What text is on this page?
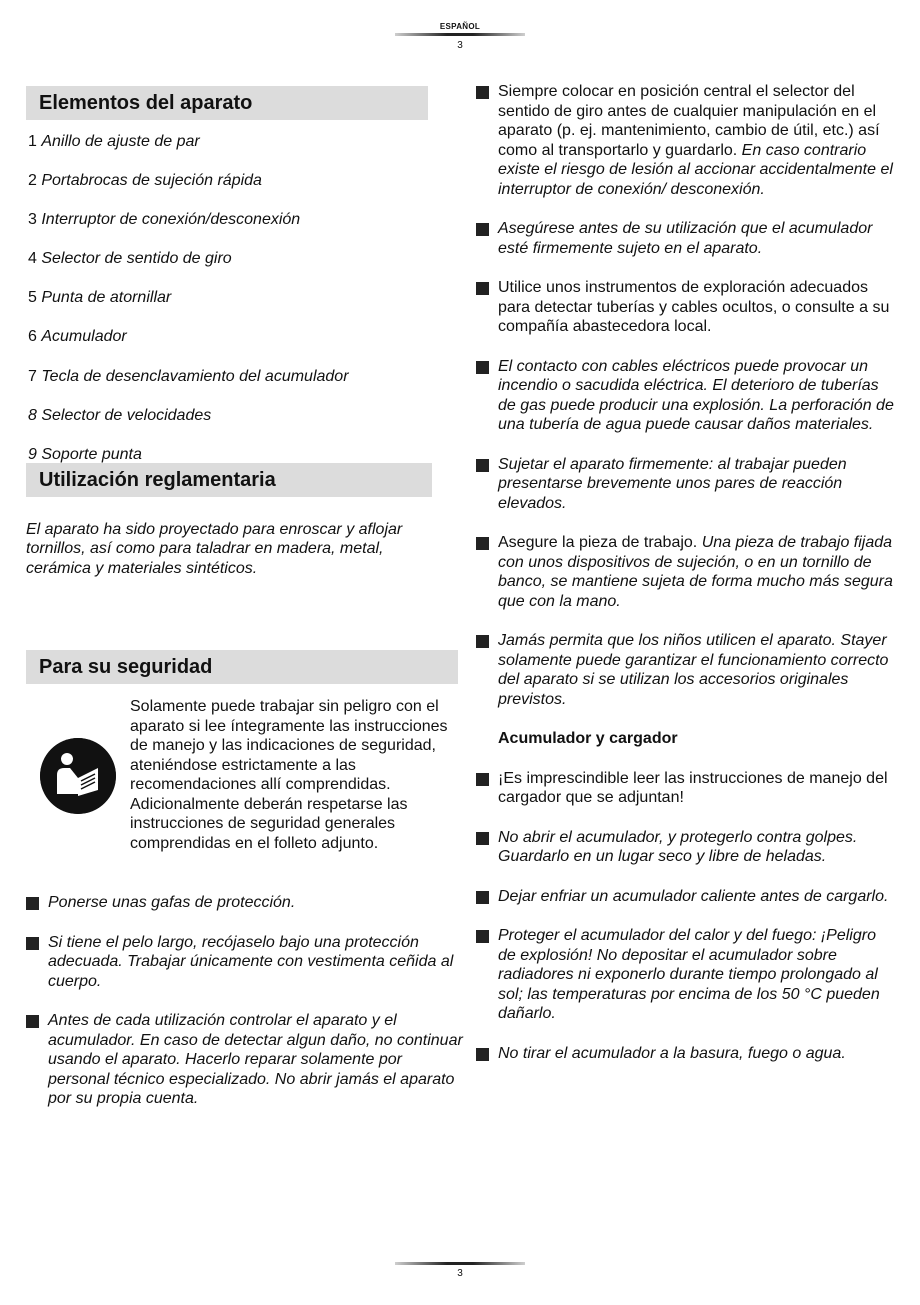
ESPAÑOL
3
Elementos del aparato
1 Anillo de ajuste de par
2 Portabrocas de sujeción rápida
3 Interruptor de conexión/desconexión
4 Selector de sentido de giro
5 Punta de atornillar
6 Acumulador
7 Tecla de desenclavamiento del acumulador
8 Selector de velocidades
9 Soporte punta
Utilización reglamentaria

El aparato ha sido proyectado para enroscar y aflojar tornillos, así como para taladrar en madera, metal, cerámica y materiales sintéticos.

Para su seguridad

Solamente puede trabajar sin peligro con el aparato si lee íntegramente las instrucciones de manejo y las indicaciones de seguridad, ateniéndose estrictamente a las recomendaciones allí comprendidas. Adicionalmente deberán respetarse las instrucciones de seguridad generales comprendidas en el folleto adjunto.

Ponerse unas gafas de protección.
Si tiene el pelo largo, recójaselo bajo una protección adecuada. Trabajar únicamente con vestimenta ceñida al cuerpo.
Antes de cada utilización controlar el aparato y el acumulador. En caso de detectar algun daño, no continuar usando el aparato. Hacerlo reparar solamente por personal técnico especializado. No abrir jamás el aparato por su propia cuenta.
Siempre colocar en posición central el selector del sentido de giro antes de cualquier manipulación en el aparato (p. ej. mantenimiento, cambio de útil, etc.) así como al transportarlo y guardarlo. En caso contrario existe el riesgo de lesión al accionar accidentalmente el interruptor de conexión/ desconexión.
Asegúrese antes de su utilización que el acumulador esté firmemente sujeto en el aparato.
Utilice unos instrumentos de exploración adecuados para detectar tuberías y cables ocultos, o consulte a su compañía abastecedora local.
El contacto con cables eléctricos puede provocar un incendio o sacudida eléctrica. El deterioro de tuberías de gas puede producir una explosión. La perforación de una tubería de agua puede causar daños materiales.
Sujetar el aparato firmemente: al trabajar pueden presentarse brevemente unos pares de reacción elevados.
Asegure la pieza de trabajo. Una pieza de trabajo fijada con unos dispositivos de sujeción, o en un tornillo de banco, se mantiene sujeta de forma mucho más segura que con la mano.
Jamás permita que los niños utilicen el aparato. Stayer solamente puede garantizar el funcionamiento correcto del aparato si se utilizan los accesorios originales previstos.

Acumulador y cargador

¡Es imprescindible leer las instrucciones de manejo del cargador que se adjuntan!
No abrir el acumulador, y protegerlo contra golpes. Guardarlo en un lugar seco y libre de heladas.
Dejar enfriar un acumulador caliente antes de cargarlo.
Proteger el acumulador del calor y del fuego: ¡Peligro de explosión! No depositar el acumulador sobre radiadores ni exponerlo durante tiempo prolongado al sol; las temperaturas por encima de los 50 °C pueden dañarlo.
No tirar el acumulador a la basura, fuego o agua.
3
